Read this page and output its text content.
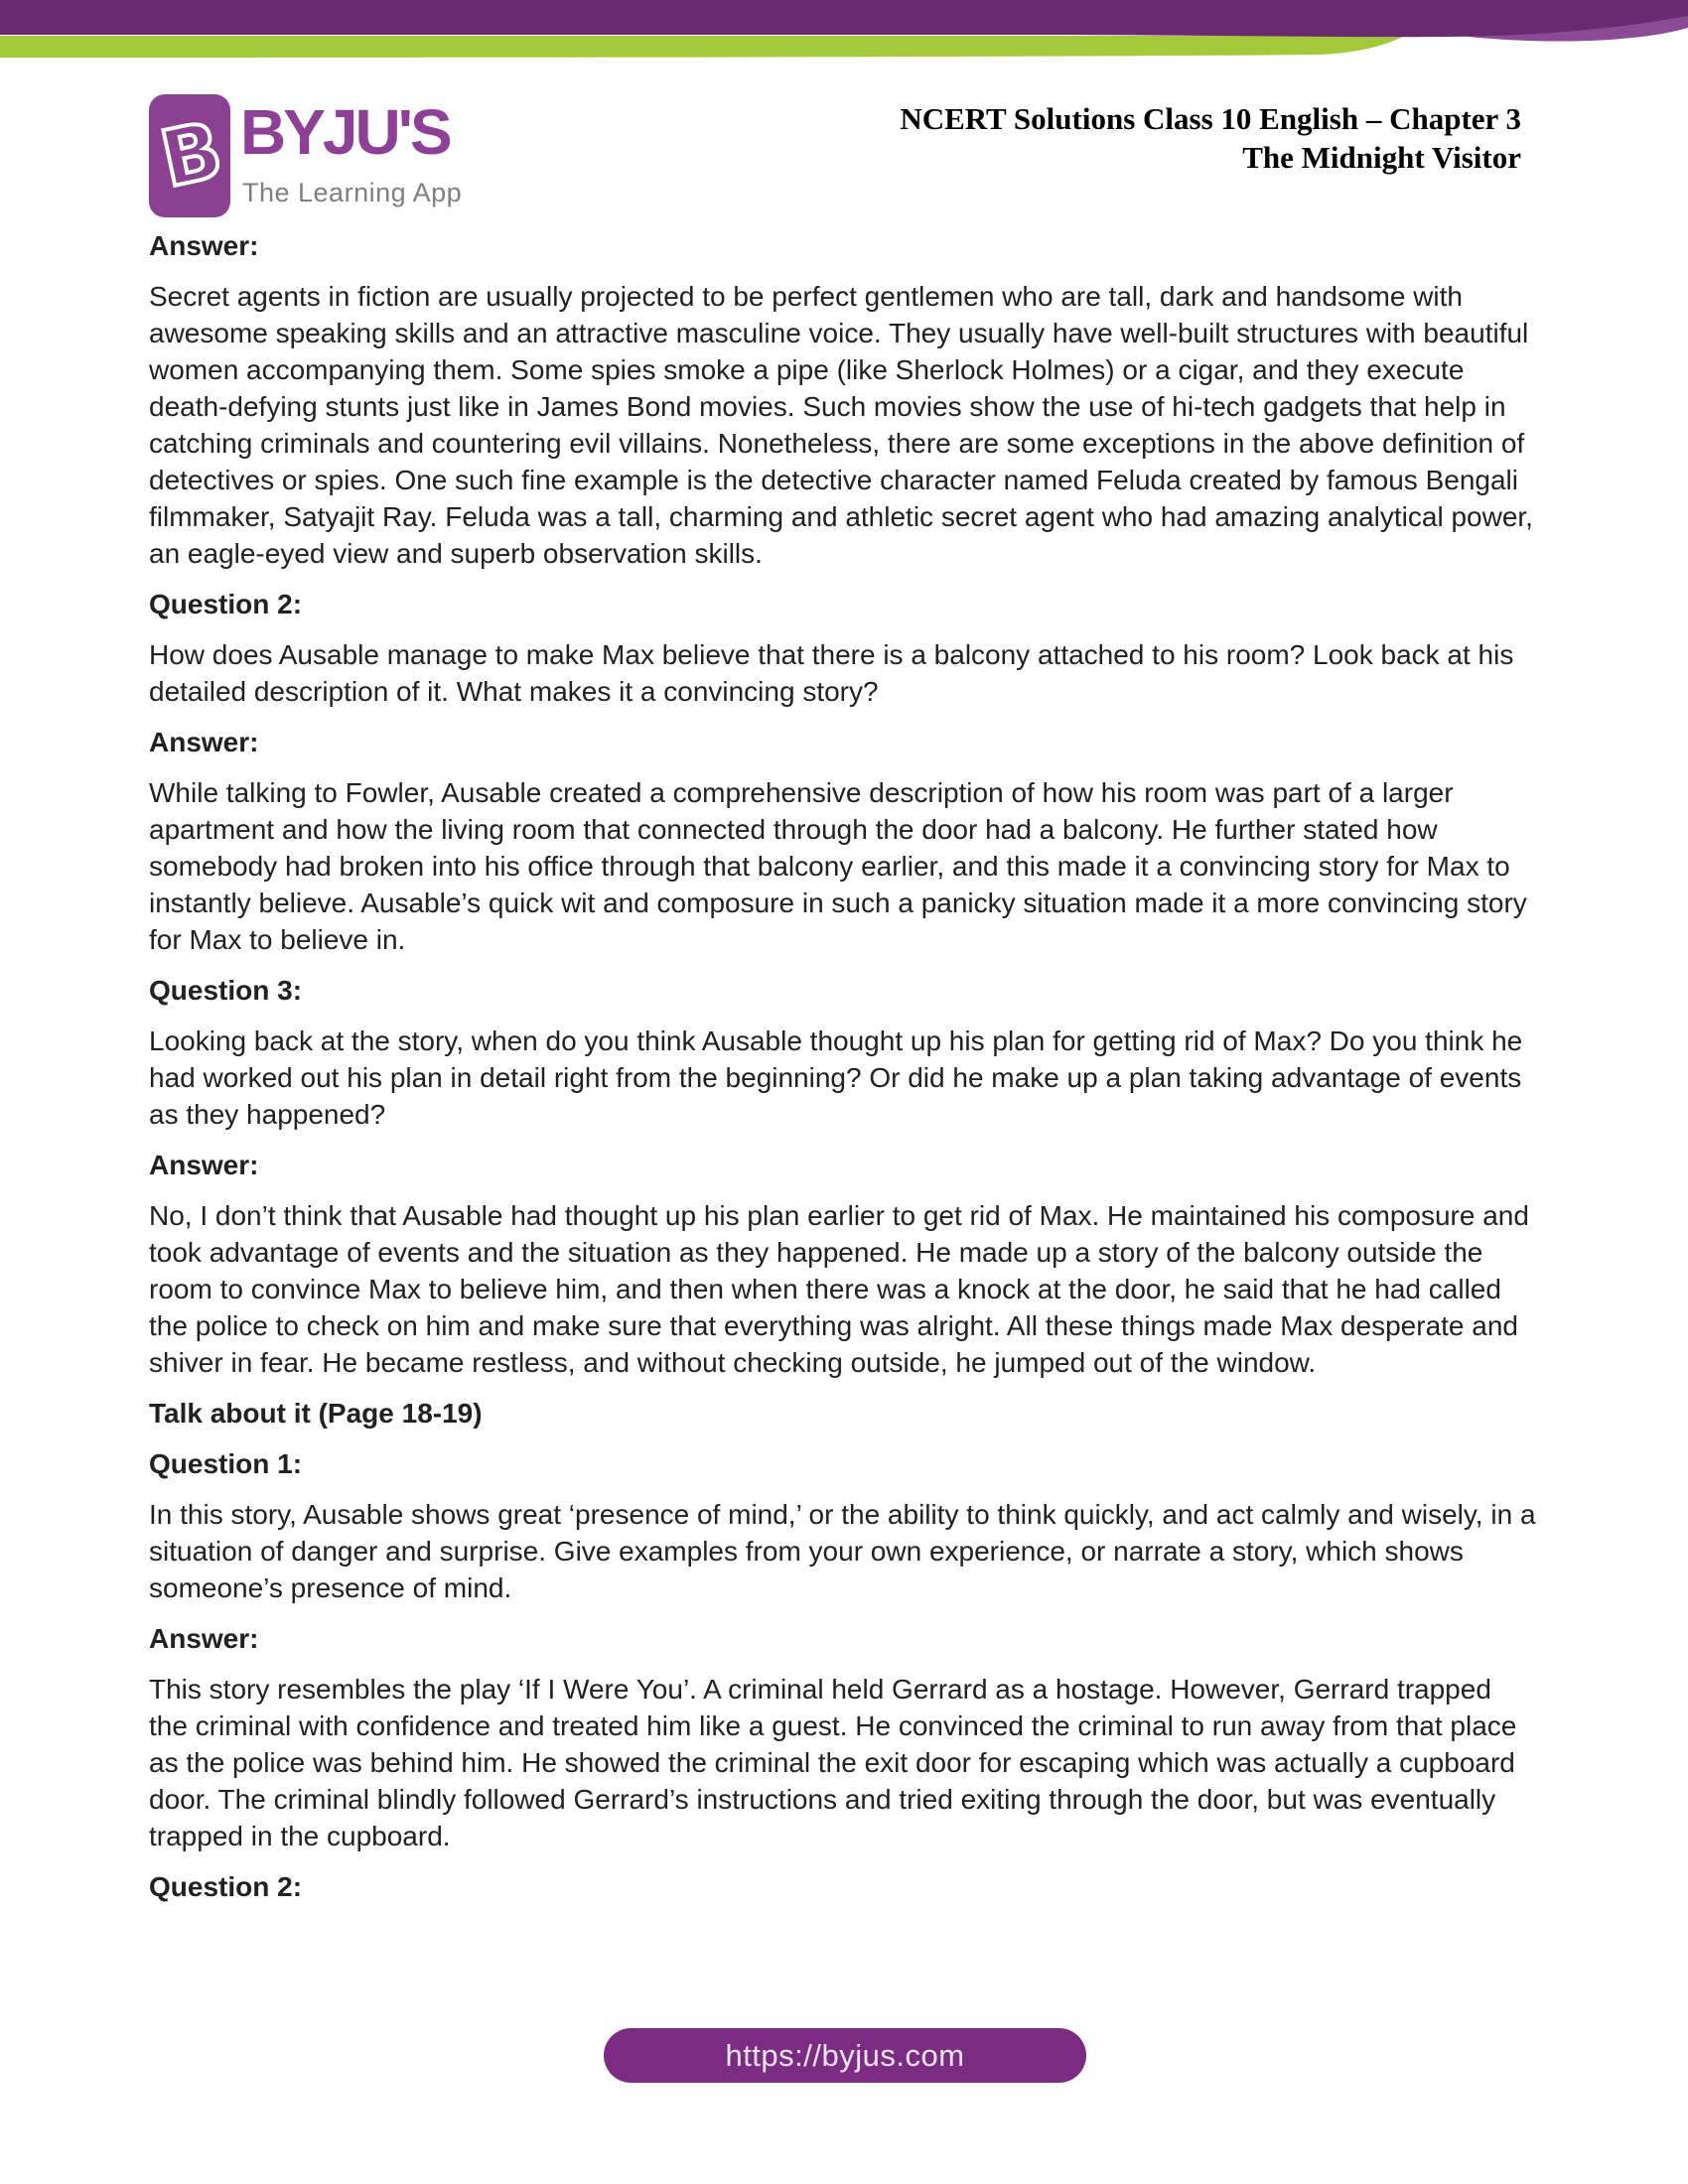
B BYJU'S
The Learning App
NCERT Solutions Class 10 English – Chapter 3
The Midnight Visitor
Answer:

Secret agents in fiction are usually projected to be perfect gentlemen who are tall, dark and handsome with awesome speaking skills and an attractive masculine voice. They usually have well-built structures with beautiful women accompanying them. Some spies smoke a pipe (like Sherlock Holmes) or a cigar, and they execute death-defying stunts just like in James Bond movies. Such movies show the use of hi-tech gadgets that help in catching criminals and countering evil villains. Nonetheless, there are some exceptions in the above definition of detectives or spies. One such fine example is the detective character named Feluda created by famous Bengali filmmaker, Satyajit Ray. Feluda was a tall, charming and athletic secret agent who had amazing analytical power, an eagle-eyed view and superb observation skills.

Question 2:

How does Ausable manage to make Max believe that there is a balcony attached to his room? Look back at his detailed description of it. What makes it a convincing story?

Answer:

While talking to Fowler, Ausable created a comprehensive description of how his room was part of a larger apartment and how the living room that connected through the door had a balcony. He further stated how somebody had broken into his office through that balcony earlier, and this made it a convincing story for Max to instantly believe. Ausable’s quick wit and composure in such a panicky situation made it a more convincing story for Max to believe in.

Question 3:

Looking back at the story, when do you think Ausable thought up his plan for getting rid of Max? Do you think he had worked out his plan in detail right from the beginning? Or did he make up a plan taking advantage of events as they happened?

Answer:

No, I don’t think that Ausable had thought up his plan earlier to get rid of Max. He maintained his composure and took advantage of events and the situation as they happened. He made up a story of the balcony outside the room to convince Max to believe him, and then when there was a knock at the door, he said that he had called the police to check on him and make sure that everything was alright. All these things made Max desperate and shiver in fear. He became restless, and without checking outside, he jumped out of the window.

Talk about it (Page 18-19)
Question 1:

In this story, Ausable shows great ‘presence of mind,’ or the ability to think quickly, and act calmly and wisely, in a situation of danger and surprise. Give examples from your own experience, or narrate a story, which shows someone’s presence of mind.

Answer:

This story resembles the play ‘If I Were You’. A criminal held Gerrard as a hostage. However, Gerrard trapped the criminal with confidence and treated him like a guest. He convinced the criminal to run away from that place as the police was behind him. He showed the criminal the exit door for escaping which was actually a cupboard door. The criminal blindly followed Gerrard’s instructions and tried exiting through the door, but was eventually trapped in the cupboard.

Question 2:
https://byjus.com
